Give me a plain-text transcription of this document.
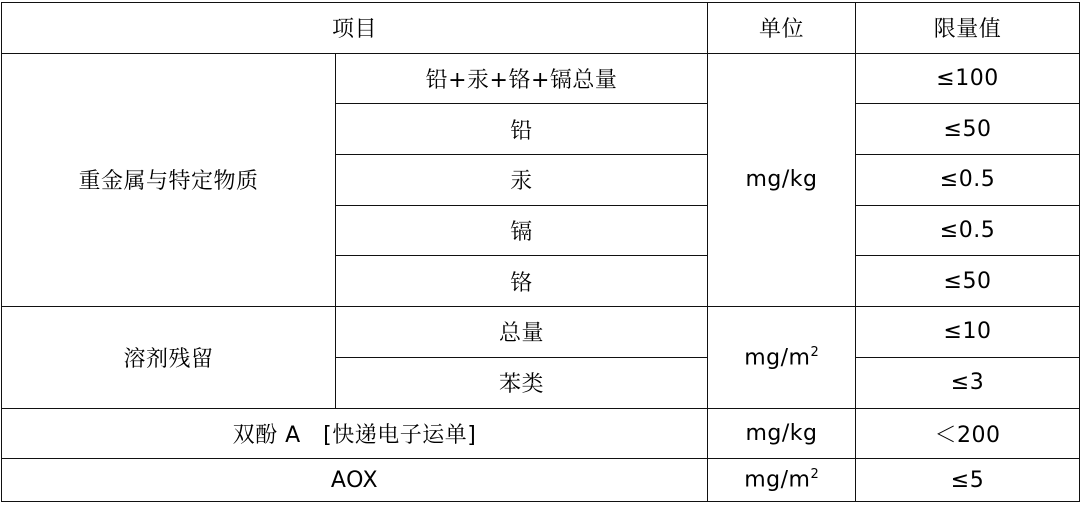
项目		单位	限量值
重金属与特定物质	铅+汞+铬+镉总量	mg/kg	≤100
	铅		≤50
	汞		≤0.5
	镉		≤0.5
	铬		≤50
溶剂残留	总量	$mg/m^2$	≤10
	苯类		≤3
双酚 A　[快递电子运单]		mg/kg	＜200
AOX		$mg/m^2$	≤5
